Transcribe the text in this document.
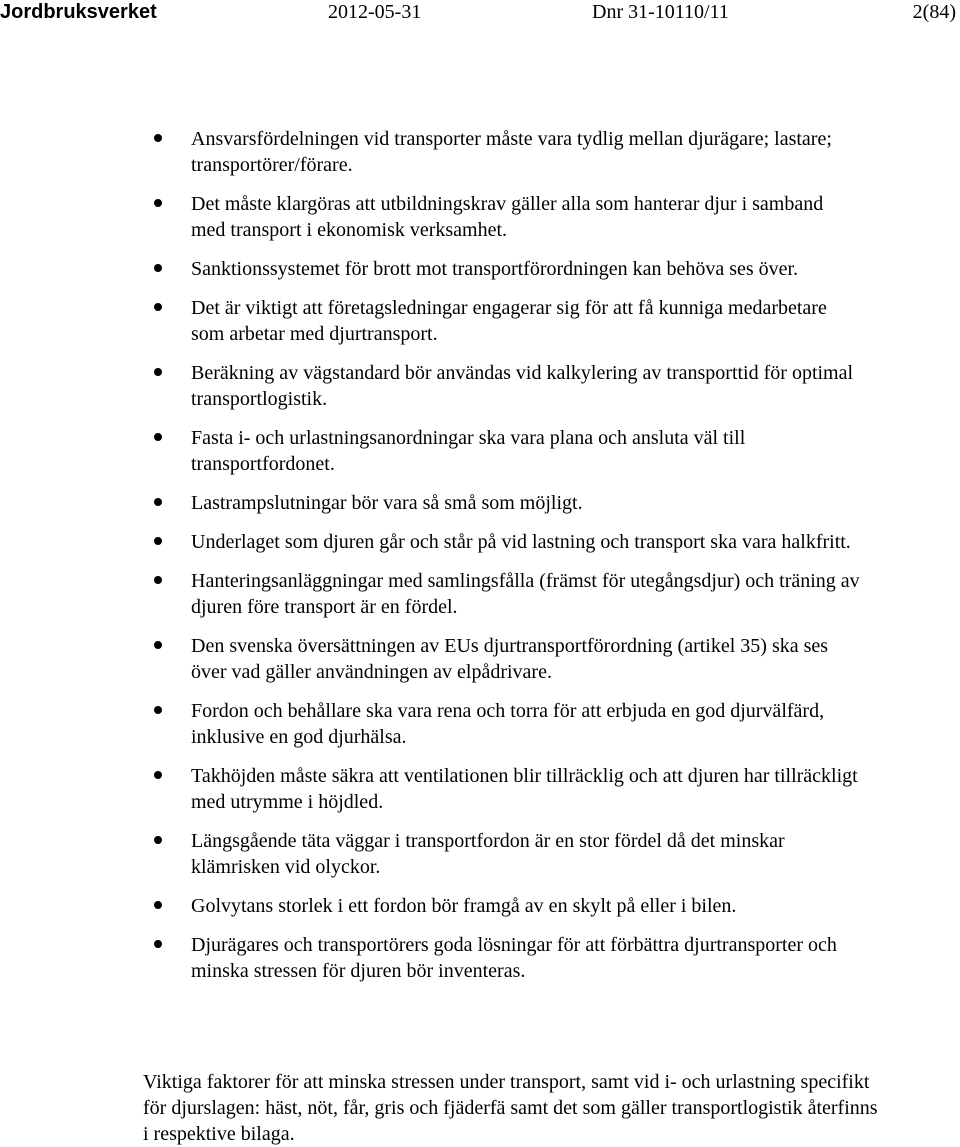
Jordbruksverket	2012-05-31	Dnr 31-10110/11	2(84)
Ansvarsfördelningen vid transporter måste vara tydlig mellan djurägare; lastare; transportörer/förare.
Det måste klargöras att utbildningskrav gäller alla som hanterar djur i samband med transport i ekonomisk verksamhet.
Sanktionssystemet för brott mot transportförordningen kan behöva ses över.
Det är viktigt att företagsledningar engagerar sig för att få kunniga medarbetare som arbetar med djurtransport.
Beräkning av vägstandard bör användas vid kalkylering av transporttid för optimal transportlogistik.
Fasta i- och urlastningsanordningar ska vara plana och ansluta väl till transportfordonet.
Lastrampslutningar bör vara så små som möjligt.
Underlaget som djuren går och står på vid lastning och transport ska vara halkfritt.
Hanteringsanläggningar med samlingsfålla (främst för utegångsdjur) och träning av djuren före transport är en fördel.
Den svenska översättningen av EUs djurtransportförordning (artikel 35) ska ses över vad gäller användningen av elpådrivare.
Fordon och behållare ska vara rena och torra för att erbjuda en god djurvälfärd, inklusive en god djurhälsa.
Takhöjden måste säkra att ventilationen blir tillräcklig och att djuren har tillräckligt med utrymme i höjdled.
Längsgående täta väggar i transportfordon är en stor fördel då det minskar klämrisken vid olyckor.
Golvytans storlek i ett fordon bör framgå av en skylt på eller i bilen.
Djurägares och transportörers goda lösningar för att förbättra djurtransporter och minska stressen för djuren bör inventeras.

Viktiga faktorer för att minska stressen under transport, samt vid i- och urlastning specifikt för djurslagen: häst, nöt, får, gris och fjäderfä samt det som gäller transportlogistik återfinns i respektive bilaga.
